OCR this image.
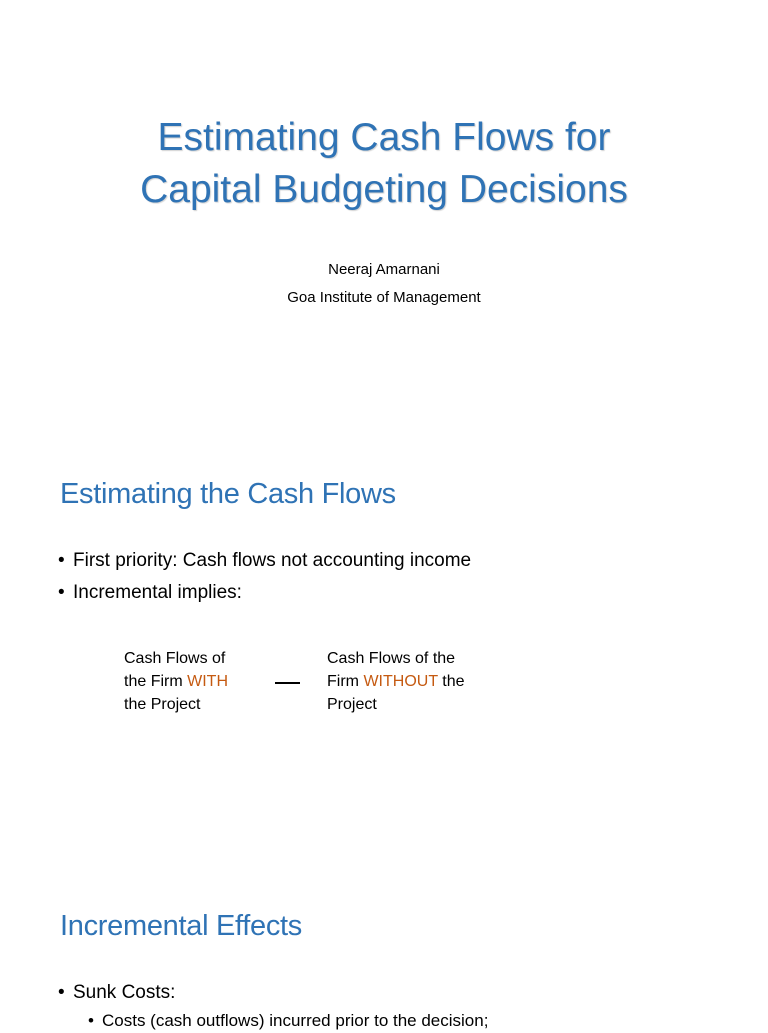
Estimating Cash Flows for
Capital Budgeting Decisions
Neeraj Amarnani
Goa Institute of Management
Estimating the Cash Flows
• First priority: Cash flows not accounting income
• Incremental implies:
Cash Flows of
the Firm WITH
the Project
Cash Flows of the
Firm WITHOUT the
Project
Incremental Effects
• Sunk Costs:
• Costs (cash outflows) incurred prior to the decision;
